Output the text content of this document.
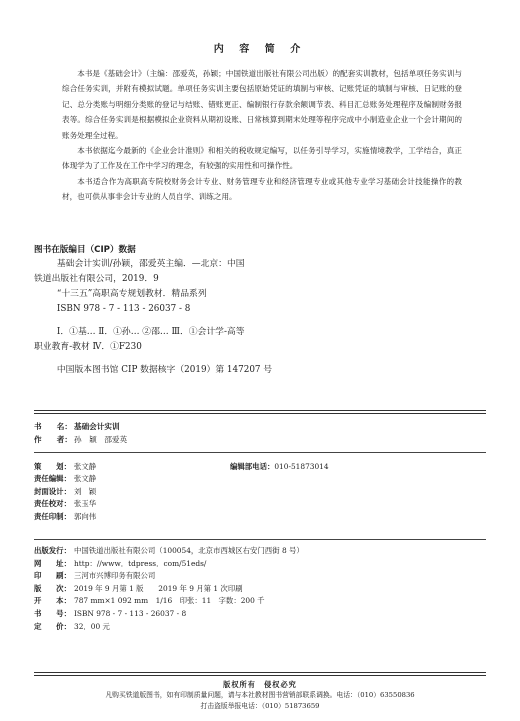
内 容 简 介

本书是《基础会计》（主编：邵爱英，孙颖；中国铁道出版社有限公司出版）的配套实训教材，包括单项任务实训与综合任务实训，并附有模拟试题。单项任务实训主要包括原始凭证的填制与审核、记账凭证的填制与审核、日记账的登记、总分类账与明细分类账的登记与结账、错账更正、编制银行存款余额调节表、科目汇总账务处理程序及编制财务报表等。综合任务实训是根据模拟企业资料从期初设账、日常核算到期末处理等程序完成中小制造业企业一个会计期间的账务处理全过程。

本书依据迄今最新的《企业会计准则》和相关的税收规定编写，以任务引导学习，实施情境教学，工学结合，真正体现学为了工作及在工作中学习的理念，有较强的实用性和可操作性。

本书适合作为高职高专院校财务会计专业、财务管理专业和经济管理专业或其他专业学习基础会计技能操作的教材，也可供从事非会计专业的人员自学、训练之用。

图书在版编目（CIP）数据
基础会计实训/孙颖，邵爱英主编．—北京：中国
铁道出版社有限公司，2019．9
“十三五”高职高专规划教材．精品系列
ISBN 978 - 7 - 113 - 26037 - 8
Ⅰ．①基… Ⅱ．①孙… ②邵… Ⅲ．①会计学-高等
职业教育-教材 Ⅳ．①F230
中国版本图书馆 CIP 数据核字（2019）第 147207 号
书　　名： 基础会计实训
作　　者： 孙　颖　邵爱英
策　　划： 张文静	编辑部电话：010-51873014
责任编辑： 张文静
封面设计： 刘　颖
责任校对： 张玉华
责任印制： 郭向伟
出版发行： 中国铁道出版社有限公司（100054，北京市西城区右安门西街 8 号）
网　　址： http：//www．tdpress．com/51eds/
印　　刷： 三河市兴博印务有限公司
版　　次： 2019 年 9 月第 1 版　　2019 年 9 月第 1 次印刷
开　　本： 787 mm×1 092 mm　1/16　印张：11　字数：200 千
书　　号： ISBN 978 - 7 - 113 - 26037 - 8
定　　价： 32．00 元
版权所有　侵权必究
凡购买铁道版图书，如有印制质量问题，请与本社教材图书营销部联系调换。电话：（010）63550836
打击盗版举报电话：（010）51873659
